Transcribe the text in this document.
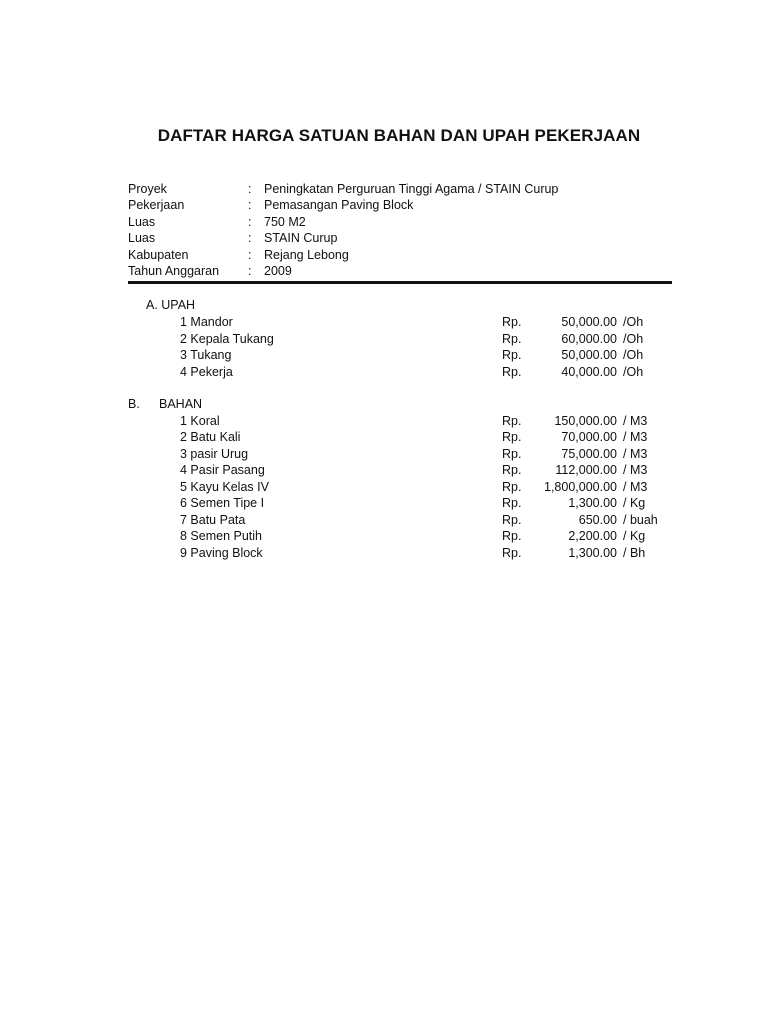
DAFTAR HARGA SATUAN BAHAN DAN UPAH PEKERJAAN
Proyek	: Peningkatan Perguruan Tinggi Agama / STAIN Curup
Pekerjaan	: Pemasangan Paving Block
Luas	: 750 M2
Luas	: STAIN Curup
Kabupaten	: Rejang Lebong
Tahun Anggaran : 2009
A. UPAH
1 Mandor	Rp.	50,000.00 /Oh
2 Kepala Tukang	Rp.	60,000.00 /Oh
3 Tukang	Rp.	50,000.00 /Oh
4 Pekerja	Rp.	40,000.00 /Oh
B. BAHAN
1 Koral	Rp.	150,000.00 / M3
2 Batu Kali	Rp.	70,000.00 / M3
3 pasir Urug	Rp.	75,000.00 / M3
4 Pasir Pasang	Rp.	112,000.00 / M3
5 Kayu Kelas IV	Rp. 1,800,000.00 / M3
6 Semen Tipe I	Rp.	1,300.00 / Kg
7 Batu Pata	Rp.	650.00 / buah
8 Semen Putih	Rp.	2,200.00 / Kg
9 Paving Block	Rp.	1,300.00 / Bh
